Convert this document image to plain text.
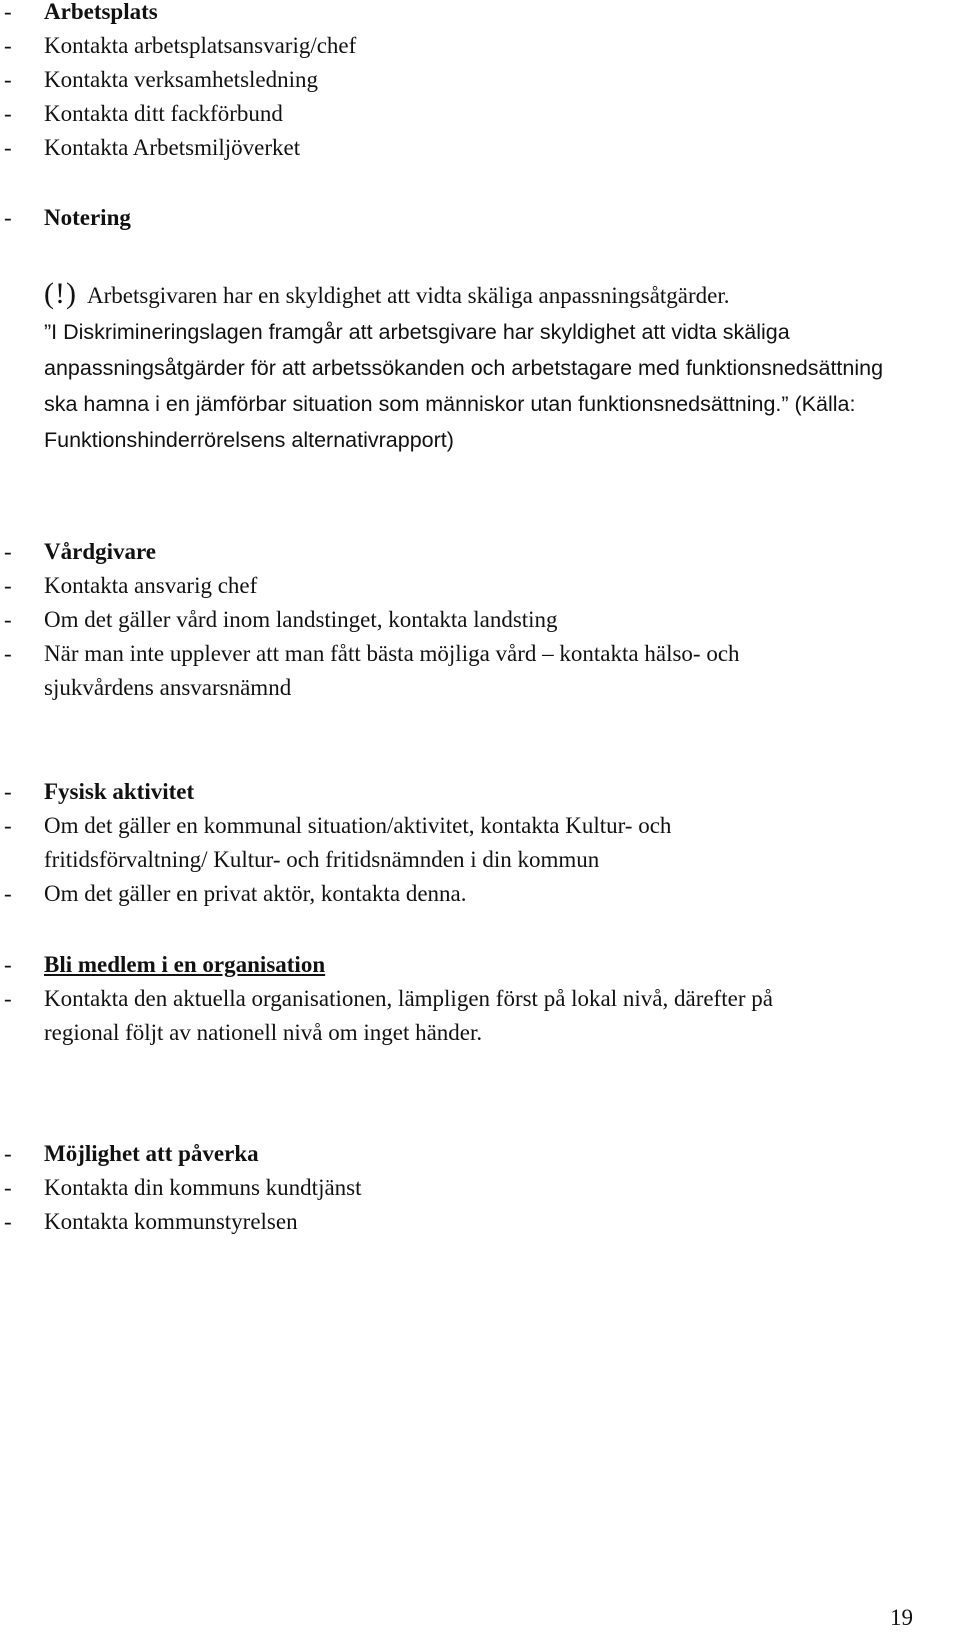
- Arbetsplats
- Kontakta arbetsplatsansvarig/chef
- Kontakta verksamhetsledning
- Kontakta ditt fackförbund
- Kontakta Arbetsmiljöverket
- Notering
(!) Arbetsgivaren har en skyldighet att vidta skäliga anpassningsåtgärder.
”I Diskrimineringslagen framgår att arbetsgivare har skyldighet att vidta skäliga
anpassningsåtgärder för att arbetssökanden och arbetstagare med funktionsnedsättning
ska hamna i en jämförbar situation som människor utan funktionsnedsättning.” (Källa:
Funktionshinderrörelsens alternativrapport)
- Vårdgivare
- Kontakta ansvarig chef
- Om det gäller vård inom landstinget, kontakta landsting
- När man inte upplever att man fått bästa möjliga vård – kontakta hälso- och
sjukvårdens ansvarsnämnd
- Fysisk aktivitet
- Om det gäller en kommunal situation/aktivitet, kontakta Kultur- och
fritidsförvaltning/ Kultur- och fritidsnämnden i din kommun
- Om det gäller en privat aktör, kontakta denna.
- Bli medlem i en organisation
- Kontakta den aktuella organisationen, lämpligen först på lokal nivå, därefter på
regional följt av nationell nivå om inget händer.
- Möjlighet att påverka
- Kontakta din kommuns kundtjänst
- Kontakta kommunstyrelsen
19
